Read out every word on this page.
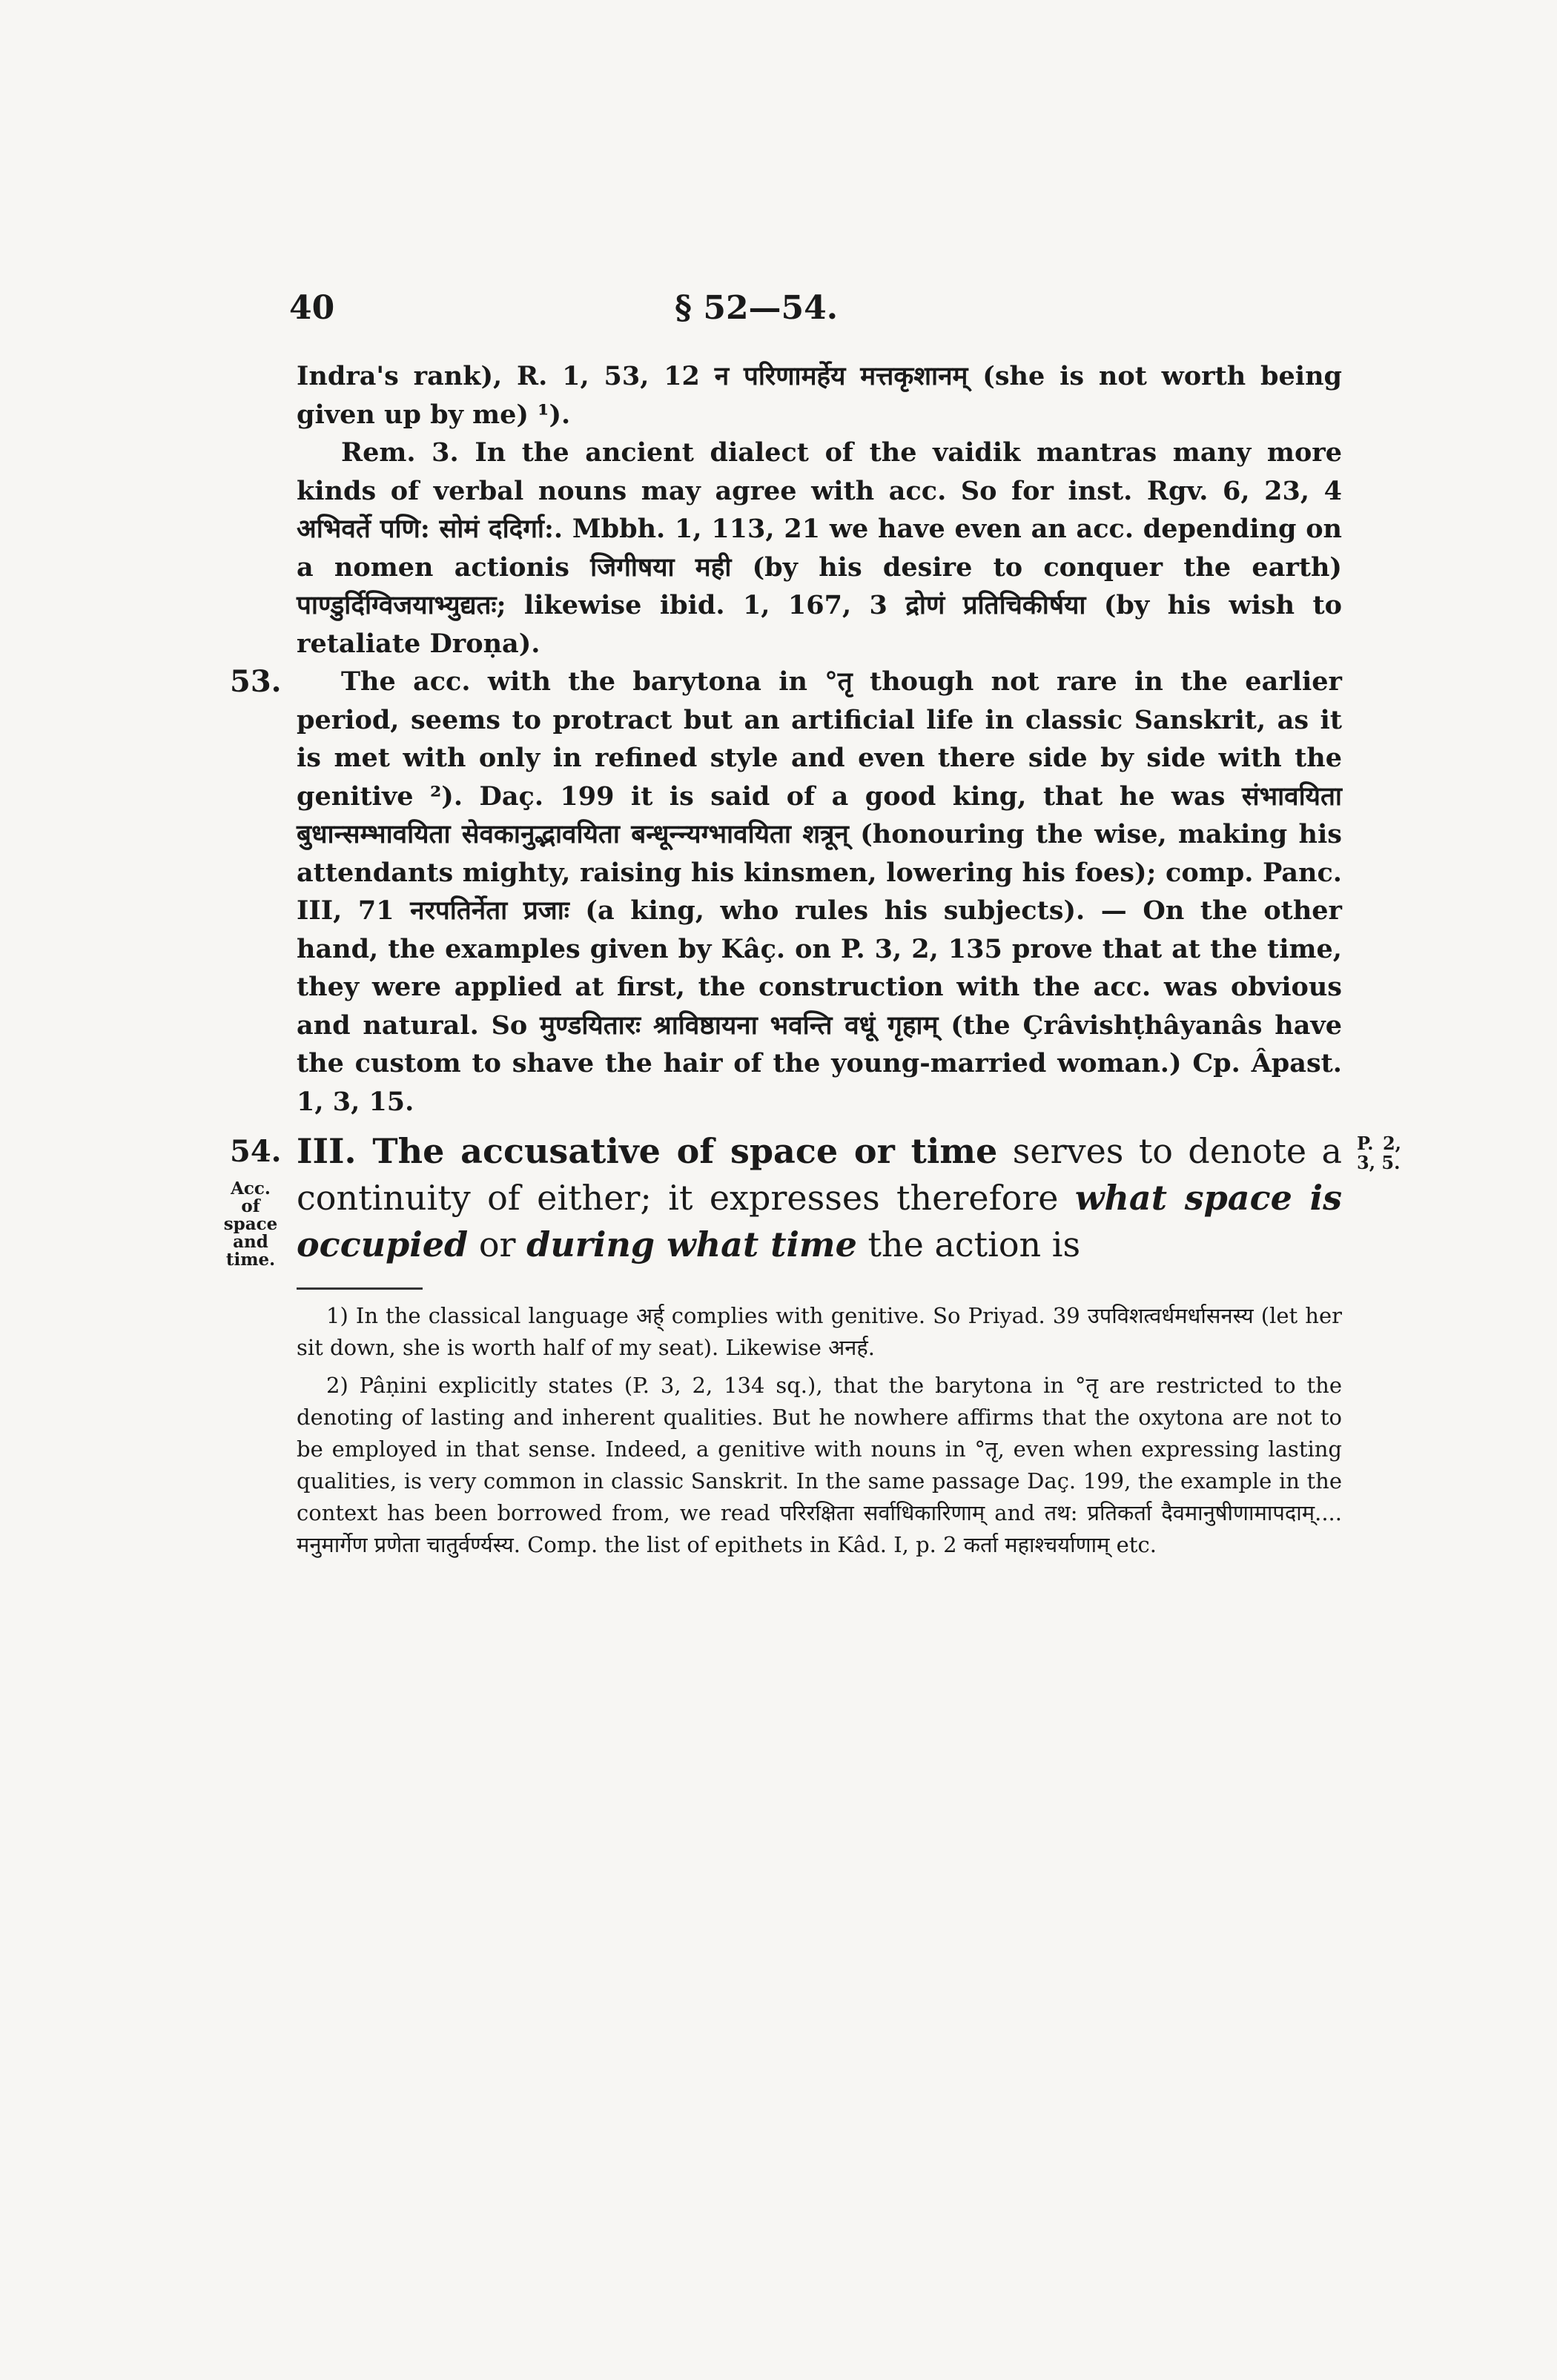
40	§ 52—54.

Indra's rank), R. 1, 53, 12 न परिणामर्हेय मत्तकृशानम् (she is not worth being given up by me) ¹).

Rem. 3. In the ancient dialect of the vaidik mantras many more kinds of verbal nouns may agree with acc. So for inst. Rgv. 6, 23, 4 अभिवर्ते पणि: सोमं ददिर्गा:. Mbbh. 1, 113, 21 we have even an acc. depending on a nomen actionis जिगीषया मही (by his desire to conquer the earth) पाण्डुर्दिग्विजयाभ्युद्यतः; likewise ibid. 1, 167, 3 द्रोणं प्रतिचिकीर्षया (by his wish to retaliate Droṇa).

53.	The acc. with the barytona in °तृ though not rare in the earlier period, seems to protract but an artificial life in classic Sanskrit, as it is met with only in refined style and even there side by side with the genitive ²). Daç. 199 it is said of a good king, that he was संभावयिता बुधान्सम्भावयिता सेवकानुद्भावयिता बन्धून्न्यग्भावयिता शत्रून् (honouring the wise, making his attendants mighty, raising his kinsmen, lowering his foes); comp. Panc. III, 71 नरपतिर्नेता प्रजाः (a king, who rules his subjects). — On the other hand, the examples given by Kâç. on P. 3, 2, 135 prove that at the time, they were applied at first, the construction with the acc. was obvious and natural. So मुण्डयितारः श्राविष्ठायना भवन्ति वधूं गृहाम् (the Çrâvishṭhâyanâs have the custom to shave the hair of the young-married woman.) Cp. Âpast. 1, 3, 15.

54.
Acc. of space and time.
P. 2, 3, 5.

III. The accusative of space or time serves to denote a continuity of either; it expresses therefore what space is occupied or during what time the action is

1) In the classical language अर्ह् complies with genitive. So Priyad. 39 उपविशत्वर्धमर्धासनस्य (let her sit down, she is worth half of my seat). Likewise अनर्ह.

2) Pâṇini explicitly states (P. 3, 2, 134 sq.), that the barytona in °तृ are restricted to the denoting of lasting and inherent qualities. But he nowhere affirms that the oxytona are not to be employed in that sense. Indeed, a genitive with nouns in °तृ, even when expressing lasting qualities, is very common in classic Sanskrit. In the same passage Daç. 199, the example in the context has been borrowed from, we read परिरक्षिता सर्वाधिकारिणाम् and तथ: प्रतिकर्ता दैवमानुषीणामापदाम्.... मनुमार्गेण प्रणेता चातुर्वर्ण्यस्य. Comp. the list of epithets in Kâd. I, p. 2 कर्ता महाश्चर्याणाम् etc.
